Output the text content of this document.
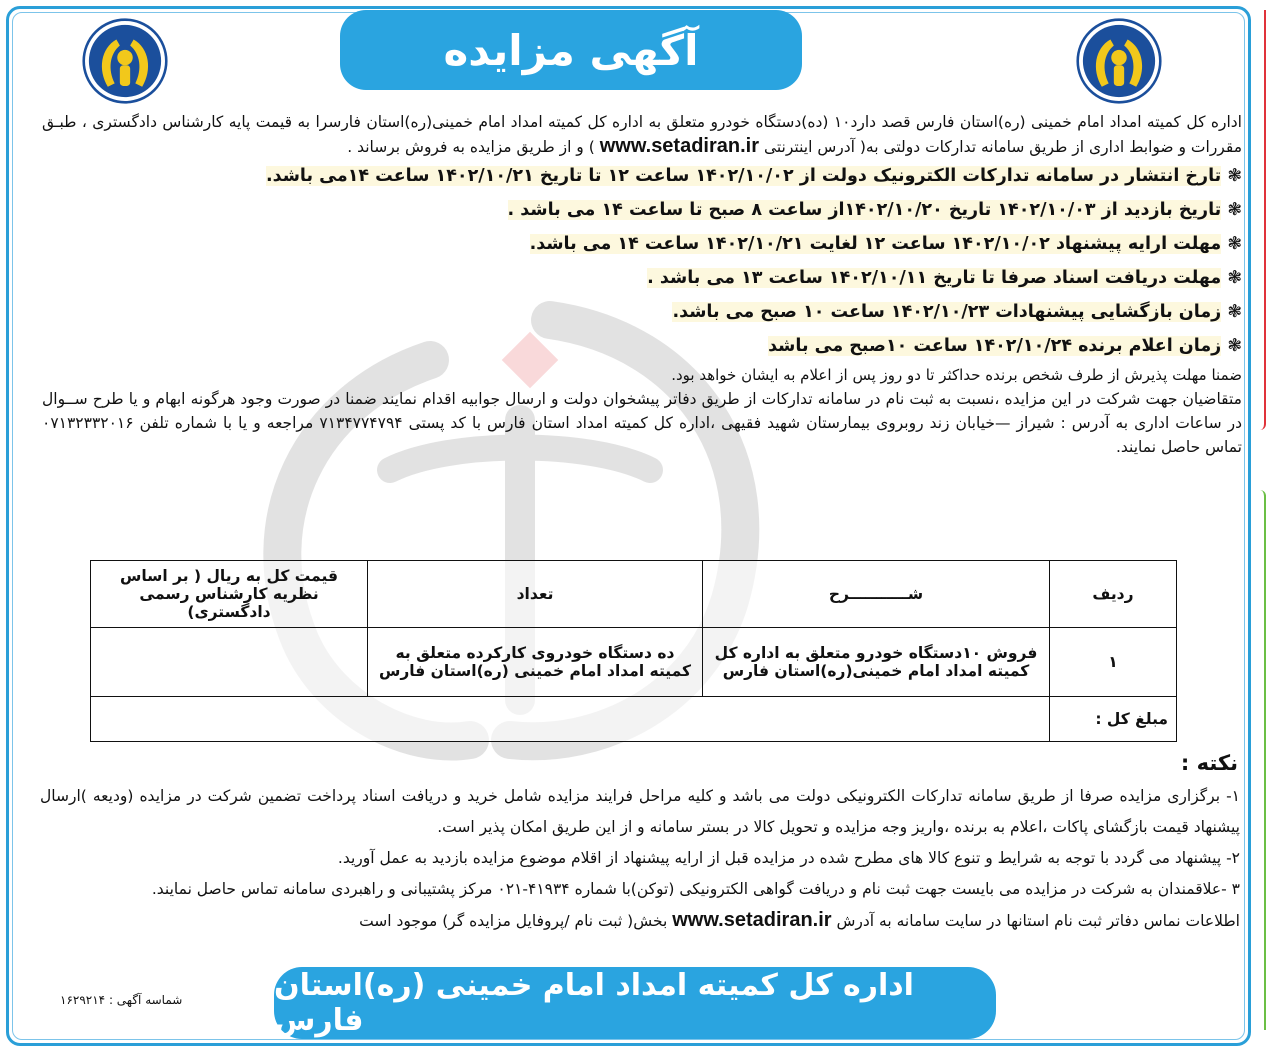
آگهی مزایده

اداره کل کمیته امداد امام خمینی (ره)استان فارس قصد دارد۱۰ (ده)دستگاه خودرو متعلق به اداره کل کمیته امداد امام خمینی(ره)استان فارسرا به قیمت پایه کارشناس دادگستری ، طبـق مقررات و ضوابط اداری از طریق سامانه تدارکات دولتی به( آدرس اینترنتی www.setadiran.ir ) و از طریق مزایده به فروش برساند .

❃ تارخ انتشار در سامانه تدارکات الکترونیک دولت از ۱۴۰۲/۱۰/۰۲ ساعت ۱۲ تا تاریخ ۱۴۰۲/۱۰/۲۱ ساعت ۱۴می باشد.
❃ تاریخ بازدید از ۱۴۰۲/۱۰/۰۳ تاریخ ۱۴۰۲/۱۰/۲۰از ساعت ۸ صبح تا ساعت ۱۴ می باشد .
❃ مهلت ارایه پیشنهاد ۱۴۰۲/۱۰/۰۲ ساعت ۱۲ لغایت ۱۴۰۲/۱۰/۲۱ ساعت ۱۴ می باشد.
❃ مهلت دریافت اسناد صرفا تا تاریخ ۱۴۰۲/۱۰/۱۱ ساعت ۱۳ می باشد .
❃ زمان بازگشایی پیشنهادات ۱۴۰۲/۱۰/۲۳ ساعت ۱۰ صبح می باشد.
❃ زمان اعلام برنده ۱۴۰۲/۱۰/۲۴ ساعت ۱۰صبح می باشد

ضمنا مهلت پذیرش از طرف شخص برنده حداکثر تا دو روز پس از اعلام به ایشان خواهد بود.

متقاضیان جهت شرکت در این مزایده ،نسبت به ثبت نام در سامانه تدارکات از طریق دفاتر پیشخوان دولت و ارسال جوابیه اقدام نمایند ضمنا در صورت وجود هرگونه ابهام و یا طرح ســوال در ساعات اداری به آدرس : شیراز —خیابان زند روبروی بیمارستان شهید فقیهی ،اداره کل کمیته امداد استان فارس با کد پستی ۷۱۳۴۷۷۴۷۹۴ مراجعه و یا با شماره تلفن ۰۷۱۳۲۳۳۲۰۱۶ تماس حاصل نمایند.

ردیف	شـــــــــــرح	تعداد	قیمت کل به ریال ( بر اساس نظریه کارشناس رسمی دادگستری)
۱	فروش ۱۰دستگاه خودرو متعلق به اداره کل کمیته امداد امام خمینی(ره)استان فارس	ده دستگاه خودروی کارکرده متعلق به کمیته امداد امام خمینی (ره)استان فارس	
مبلغ کل :			
نکته :

۱- برگزاری مزایده صرفا از طریق سامانه تدارکات الکترونیکی دولت می باشد و کلیه مراحل فرایند مزایده شامل خرید و دریافت اسناد پرداخت تضمین شرکت در مزایده (ودیعه )ارسال پیشنهاد قیمت بازگشای پاکات ،اعلام به برنده ،واریز وجه مزایده و تحویل کالا در بستر سامانه و از این طریق امکان پذیر است.

۲- پیشنهاد می گردد با توجه به شرایط و تنوع کالا های مطرح شده در مزایده قبل از ارایه پیشنهاد از اقلام موضوع مزایده بازدید به عمل آورید.

۳ -علاقمندان به شرکت در مزایده می بایست جهت ثبت نام و دریافت گواهی الکترونیکی (توکن)با شماره ۴۱۹۳۴-۰۲۱ مرکز پشتیبانی و راهبردی سامانه تماس حاصل نمایند.

اطلاعات نماس دفاتر ثبت نام استانها در سایت سامانه به آدرش www.setadiran.ir بخش( ثبت نام /پروفایل مزایده گر) موجود است

شماسه آگهی : ۱۶۲۹۲۱۴	اداره کل کمیته امداد امام خمینی (ره)استان فارس
